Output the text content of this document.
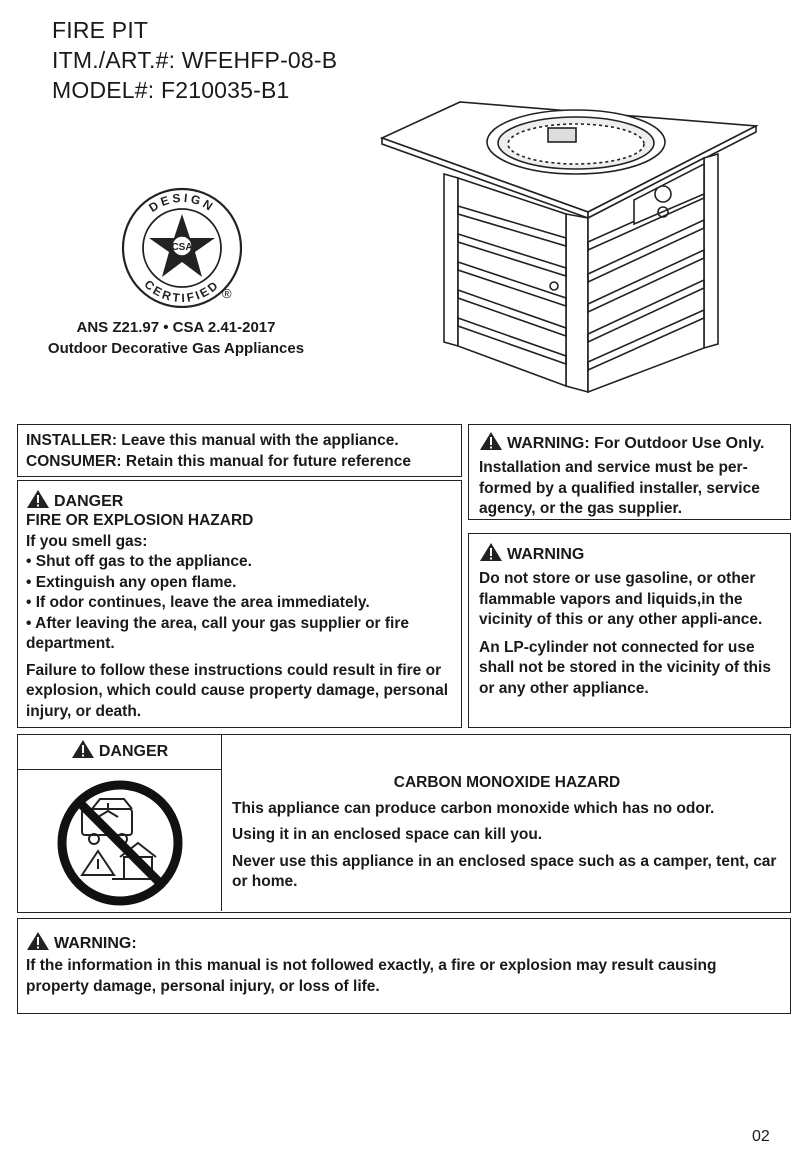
FIRE PIT
ITM./ART.#: WFEHFP-08-B
MODEL#: F210035-B1
DESIGN
CERTIFIED
CSA
®
ANS Z21.97 • CSA 2.41-2017
Outdoor Decorative Gas Appliances

INSTALLER: Leave this manual with the appliance.

CONSUMER: Retain this manual for future reference

WARNING: For Outdoor Use Only.

Installation and service must be per-formed by a qualified installer, service agency, or the gas supplier.

DANGER

FIRE OR EXPLOSION HAZARD

If you smell gas:

• Shut off gas to the appliance.

• Extinguish any open flame.

• If odor continues, leave the area immediately.

• After leaving the area, call your gas supplier or fire department.

Failure to follow these instructions could result in fire or explosion, which could cause property damage, personal injury, or death.

WARNING

Do not store or use gasoline, or other flammable vapors and liquids,in the vicinity of this or any other appli-ance.

An LP-cylinder not connected for use shall not be stored in the vicinity of this or any other appliance.

DANGER

CARBON MONOXIDE HAZARD

This appliance can produce carbon monoxide which has no odor.

Using it in an enclosed space can kill you.

Never use this appliance in an enclosed space such as a camper, tent, car or home.

WARNING:

If the information in this manual is not followed exactly, a fire or explosion may result causing property damage, personal injury, or loss of life.

02
